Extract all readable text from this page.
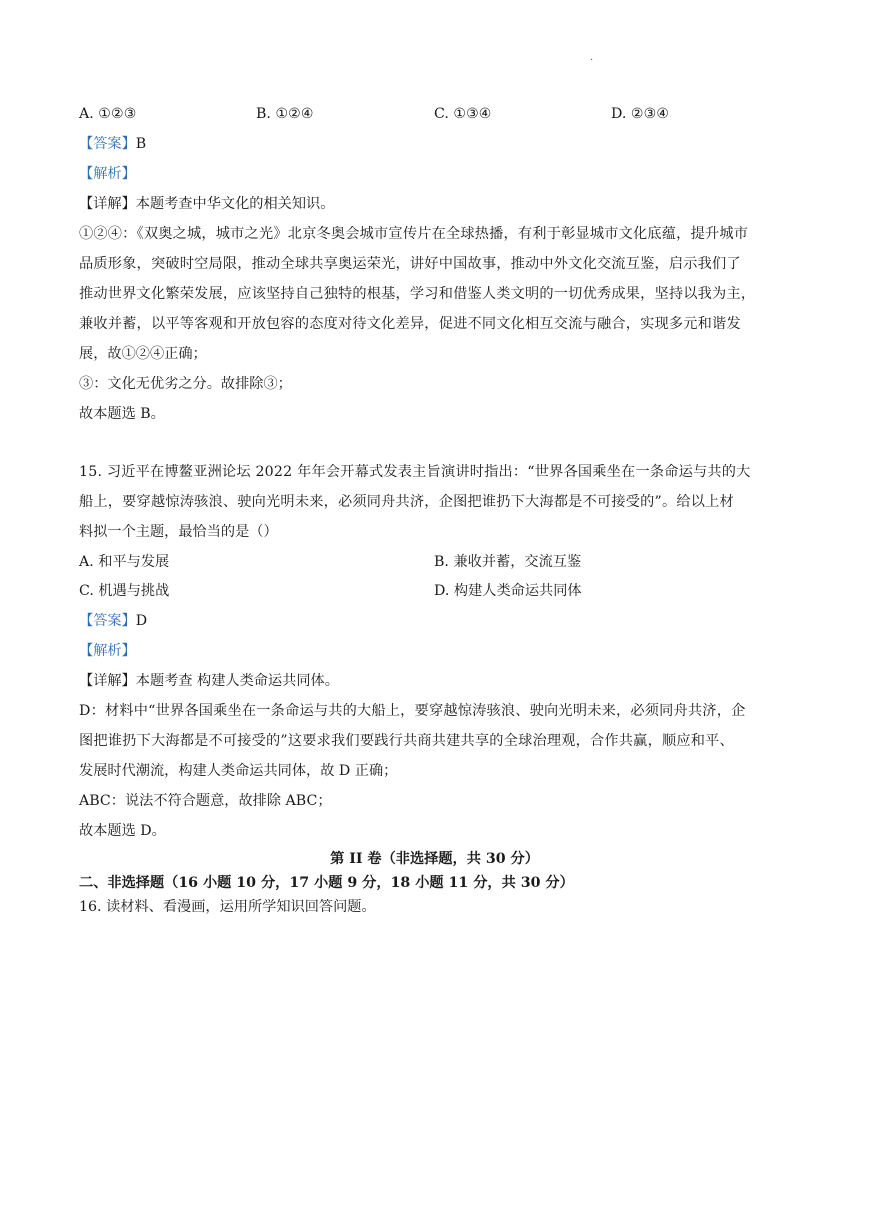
.
A. ①②③	B. ①②④	C. ①③④	D. ②③④
【答案】B
【解析】
【详解】本题考查中华文化的相关知识。
①②④：《双奥之城，城市之光》北京冬奥会城市宣传片在全球热播，有利于彰显城市文化底蕴，提升城市
品质形象，突破时空局限，推动全球共享奥运荣光，讲好中国故事，推动中外文化交流互鉴，启示我们了
推动世界文化繁荣发展，应该坚持自己独特的根基，学习和借鉴人类文明的一切优秀成果，坚持以我为主，
兼收并蓄，以平等客观和开放包容的态度对待文化差异，促进不同文化相互交流与融合，实现多元和谐发
展，故①②④正确；
③：文化无优劣之分。故排除③；
故本题选 B。
15. 习近平在博鳌亚洲论坛 2022 年年会开幕式发表主旨演讲时指出：“世界各国乘坐在一条命运与共的大
船上，要穿越惊涛骇浪、驶向光明未来，必须同舟共济，企图把谁扔下大海都是不可接受的”。给以上材
料拟一个主题，最恰当的是（）
A. 和平与发展	B. 兼收并蓄，交流互鉴
C. 机遇与挑战	D. 构建人类命运共同体
【答案】D
【解析】
【详解】本题考查 构建人类命运共同体。
D：材料中“世界各国乘坐在一条命运与共的大船上，要穿越惊涛骇浪、驶向光明未来，必须同舟共济，企
图把谁扔下大海都是不可接受的”这要求我们要践行共商共建共享的全球治理观，合作共赢，顺应和平、
发展时代潮流，构建人类命运共同体，故 D 正确；
ABC：说法不符合题意，故排除 ABC；
故本题选 D。
第 II 卷（非选择题，共 30 分）
二、非选择题（16 小题 10 分，17 小题 9 分，18 小题 11 分，共 30 分）
16. 读材料、看漫画，运用所学知识回答问题。
